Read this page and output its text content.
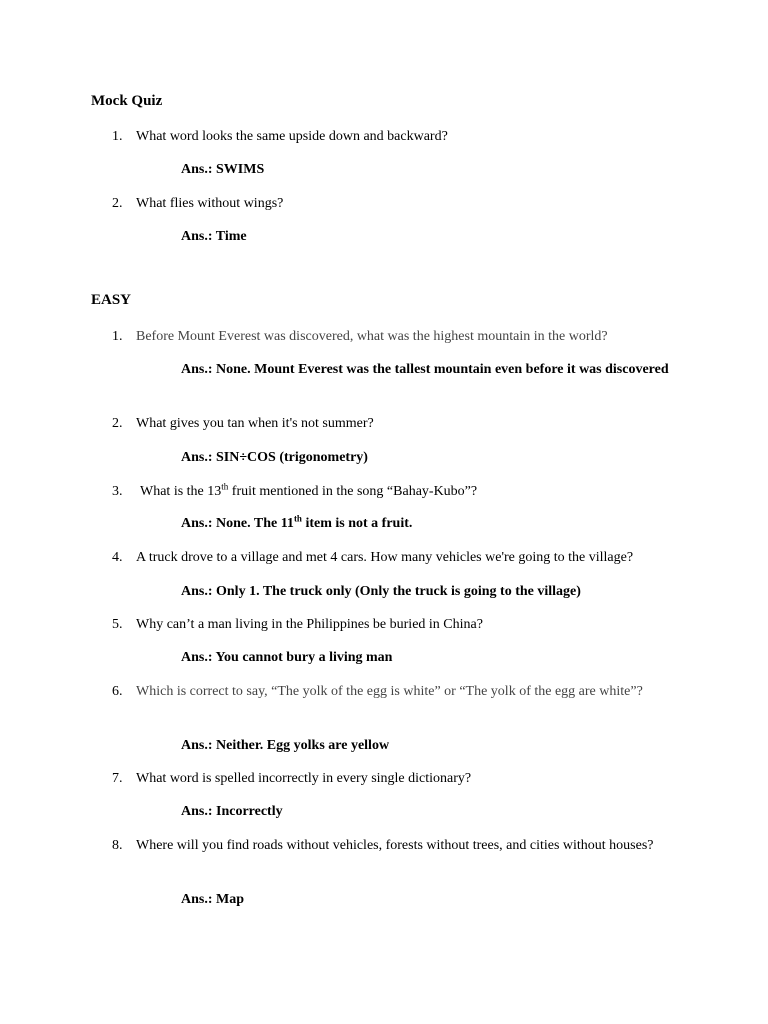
Mock Quiz
1. What word looks the same upside down and backward?
Ans.: SWIMS
2. What flies without wings?
Ans.: Time
EASY
1. Before Mount Everest was discovered, what was the highest mountain in the world?
Ans.: None. Mount Everest was the tallest mountain even before it was discovered
2. What gives you tan when it's not summer?
Ans.: SIN÷COS (trigonometry)
3.	What is the 13th fruit mentioned in the song “Bahay-Kubo”?
Ans.: None. The 11th item is not a fruit.
4. A truck drove to a village and met 4 cars. How many vehicles we're going to the village?
Ans.: Only 1. The truck only (Only the truck is going to the village)
5. Why can’t a man living in the Philippines be buried in China?
Ans.: You cannot bury a living man
6. Which is correct to say, “The yolk of the egg is white” or “The yolk of the egg are white”?
Ans.: Neither. Egg yolks are yellow
7. What word is spelled incorrectly in every single dictionary?
Ans.: Incorrectly
8. Where will you find roads without vehicles, forests without trees, and cities without houses?
Ans.: Map
